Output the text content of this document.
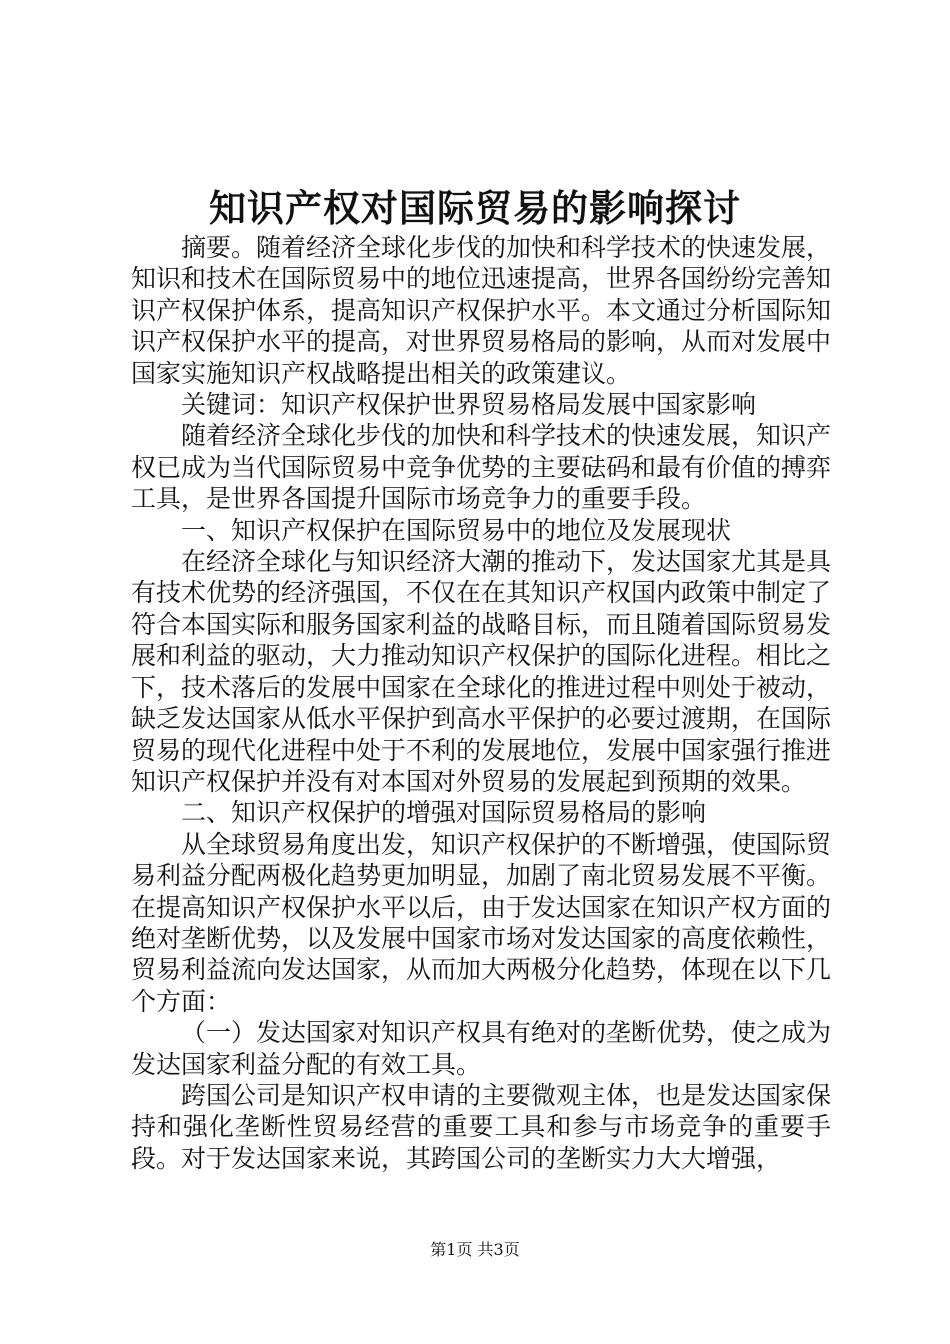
知识产权对国际贸易的影响探讨

摘要。随着经济全球化步伐的加快和科学技术的快速发展，知识和技术在国际贸易中的地位迅速提高，世界各国纷纷完善知识产权保护体系，提高知识产权保护水平。本文通过分析国际知识产权保护水平的提高，对世界贸易格局的影响，从而对发展中国家实施知识产权战略提出相关的政策建议。

关键词：知识产权保护世界贸易格局发展中国家影响

随着经济全球化步伐的加快和科学技术的快速发展，知识产权已成为当代国际贸易中竞争优势的主要砝码和最有价值的搏弈工具，是世界各国提升国际市场竞争力的重要手段。

一、知识产权保护在国际贸易中的地位及发展现状

在经济全球化与知识经济大潮的推动下，发达国家尤其是具有技术优势的经济强国，不仅在在其知识产权国内政策中制定了符合本国实际和服务国家利益的战略目标，而且随着国际贸易发展和利益的驱动，大力推动知识产权保护的国际化进程。相比之下，技术落后的发展中国家在全球化的推进过程中则处于被动，缺乏发达国家从低水平保护到高水平保护的必要过渡期，在国际贸易的现代化进程中处于不利的发展地位，发展中国家强行推进知识产权保护并没有对本国对外贸易的发展起到预期的效果。

二、知识产权保护的增强对国际贸易格局的影响

从全球贸易角度出发，知识产权保护的不断增强，使国际贸易利益分配两极化趋势更加明显，加剧了南北贸易发展不平衡。在提高知识产权保护水平以后，由于发达国家在知识产权方面的绝对垄断优势，以及发展中国家市场对发达国家的高度依赖性，贸易利益流向发达国家，从而加大两极分化趋势，体现在以下几个方面：

（一）发达国家对知识产权具有绝对的垄断优势，使之成为发达国家利益分配的有效工具。

跨国公司是知识产权申请的主要微观主体，也是发达国家保持和强化垄断性贸易经营的重要工具和参与市场竞争的重要手段。对于发达国家来说，其跨国公司的垄断实力大大增强，

第1页 共3页
